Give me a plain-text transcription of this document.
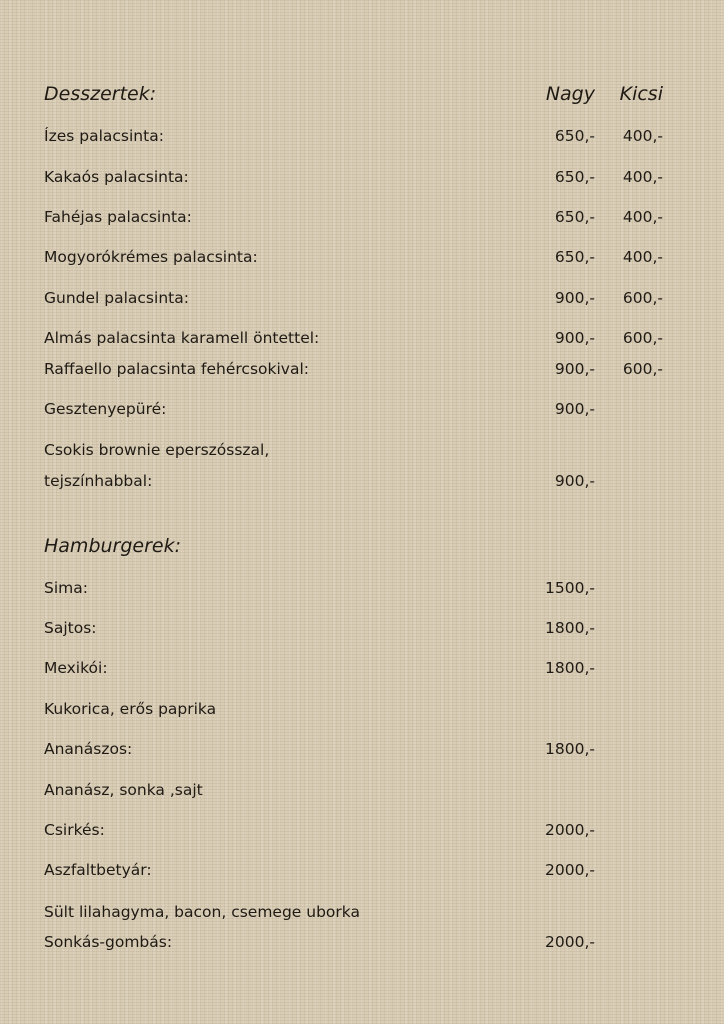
Desszertek:	Nagy Kicsi
Ízes palacsinta:	650,- 400,-
Kakaós palacsinta:	650,- 400,-
Fahéjas palacsinta:	650,- 400,-
Mogyorókrémes palacsinta:	650,- 400,-
Gundel palacsinta:	900,- 600,-
Almás palacsinta karamell öntettel:	900,- 600,-
Raffaello palacsinta fehércsokival:	900,- 600,-
Gesztenyepüré:	900,-
Csokis brownie eperszósszal,
tejszínhabbal:	900,-
Hamburgerek:
Sima:	1500,-
Sajtos:	1800,-
Mexikói:	1800,-
Kukorica, erős paprika
Ananászos:	1800,-
Ananász, sonka ,sajt
Csirkés:	2000,-
Aszfaltbetyár:	2000,-
Sült lilahagyma, bacon, csemege uborka
Sonkás-gombás:	2000,-
